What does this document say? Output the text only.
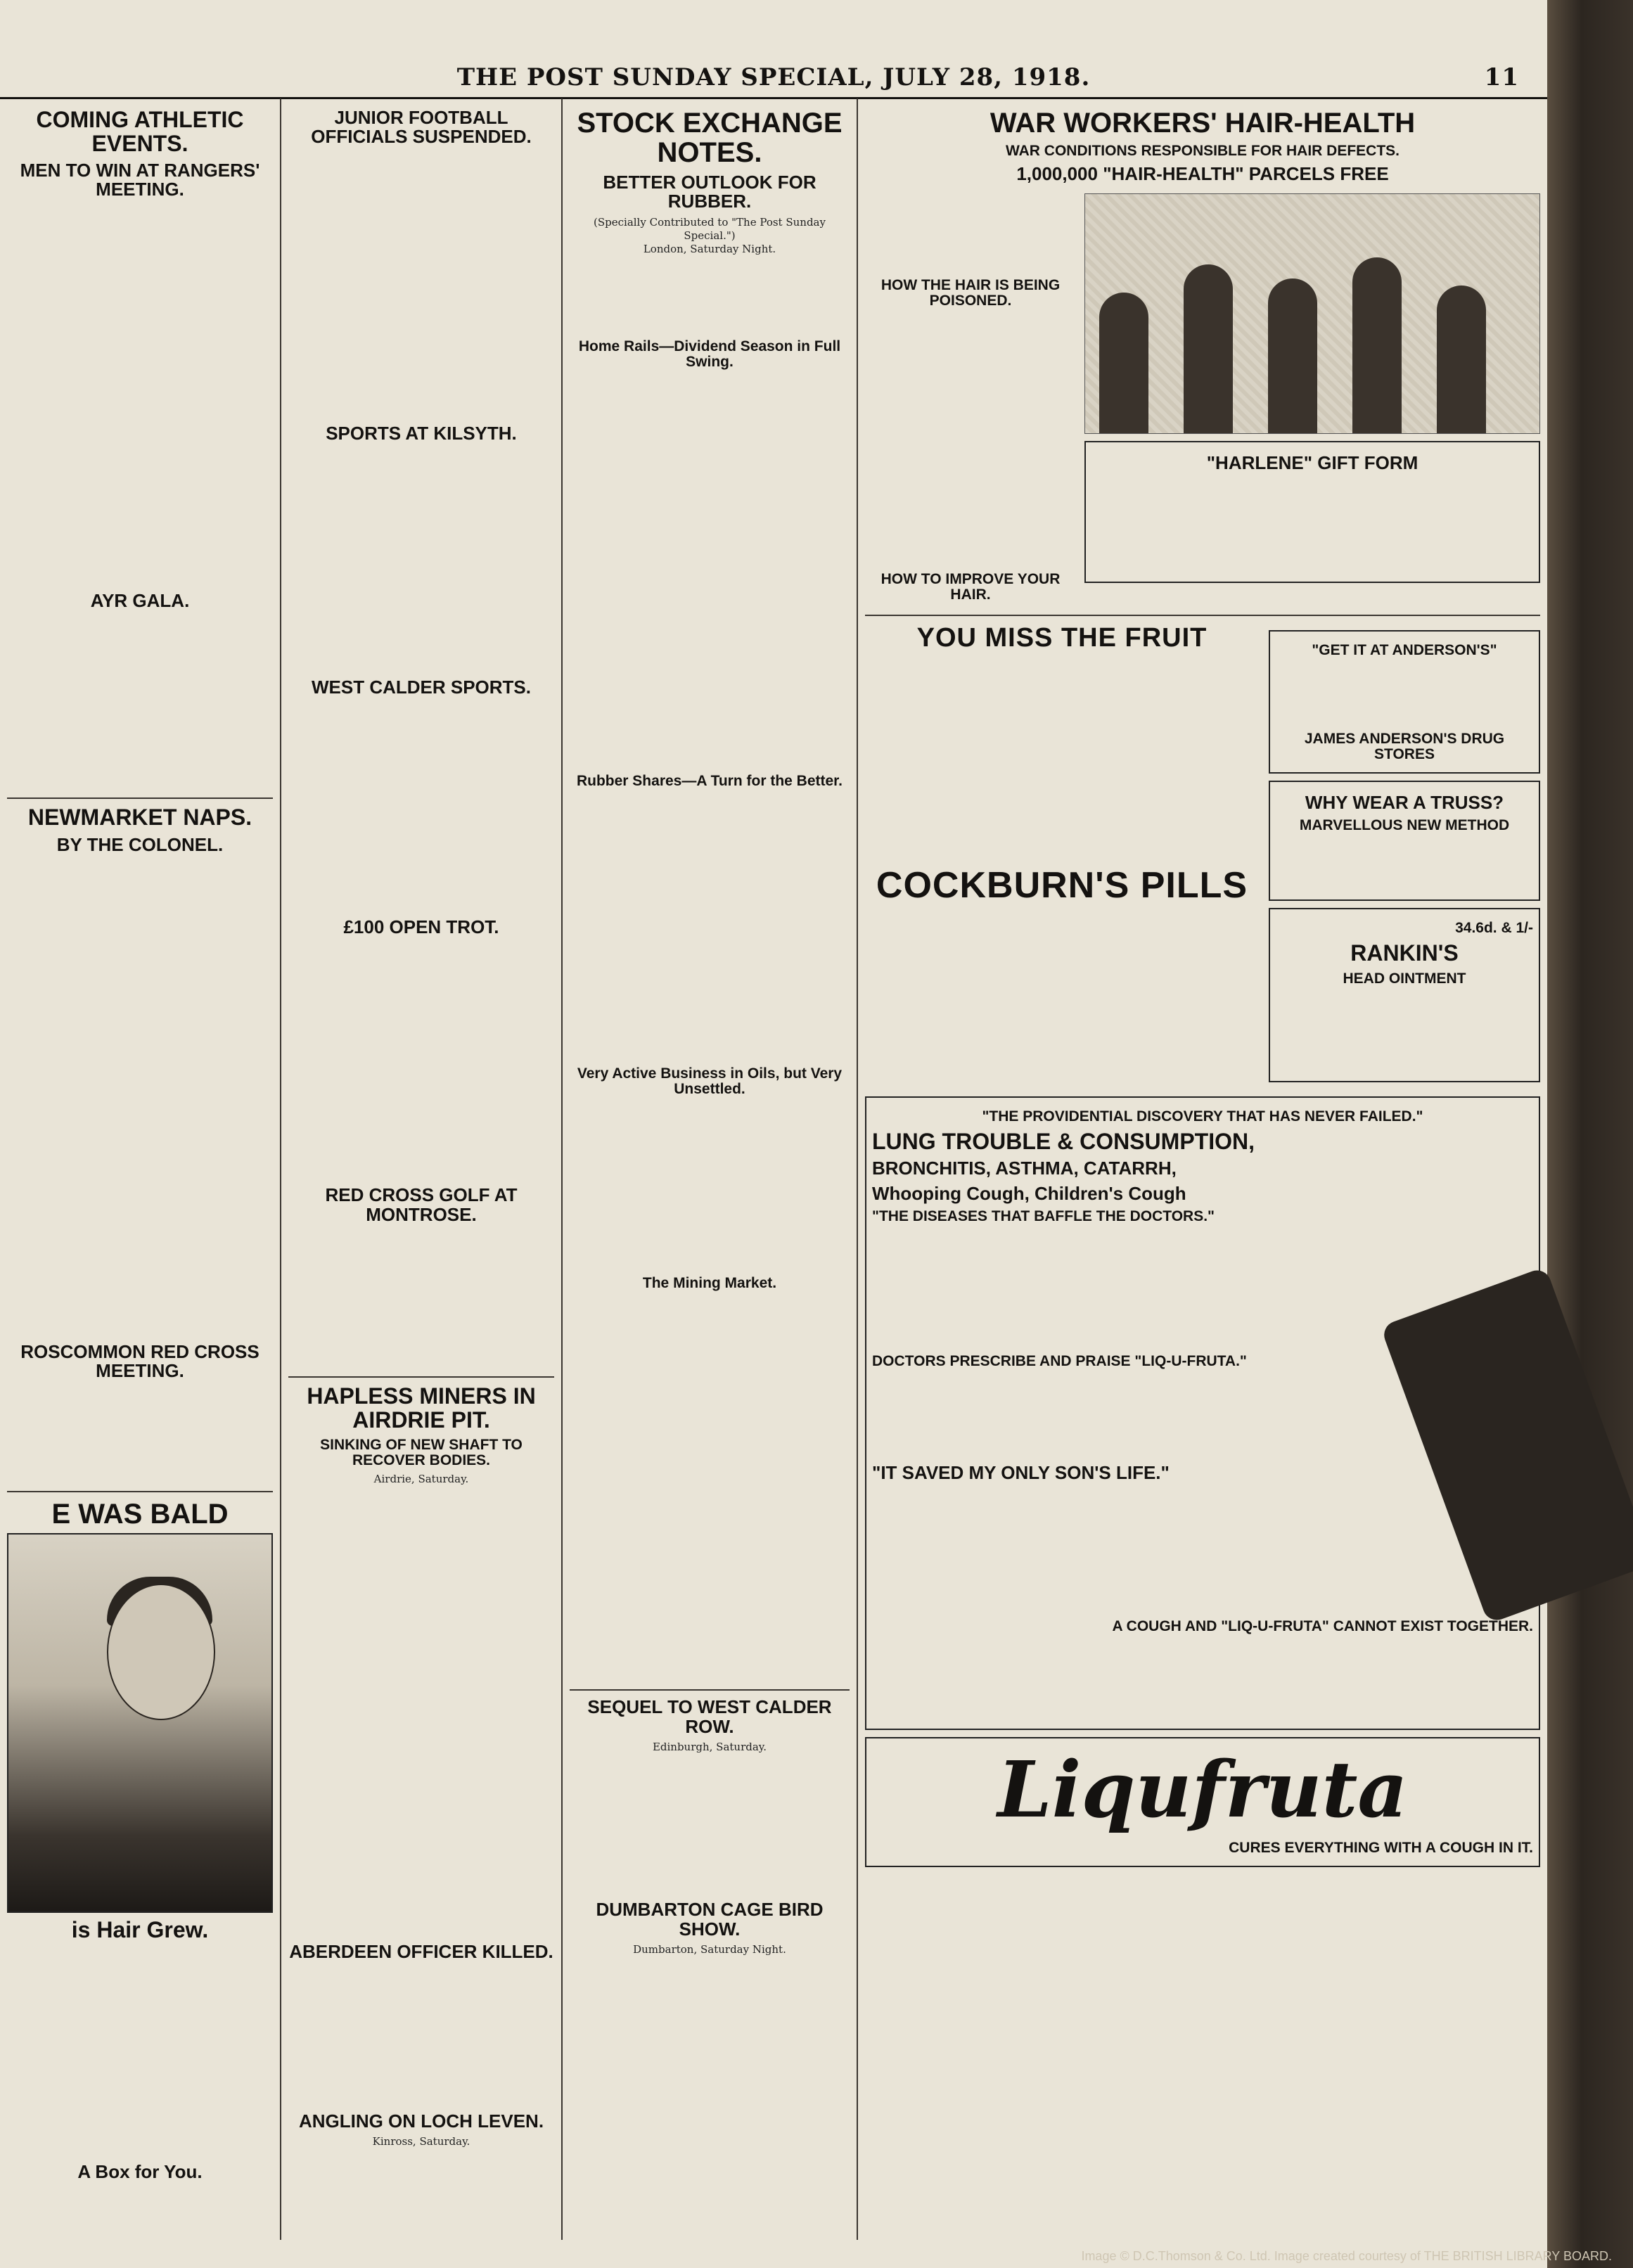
THE POST SUNDAY SPECIAL, JULY 28, 1918.	11
COMING ATHLETIC EVENTS.
MEN TO WIN AT RANGERS' MEETING.

AYR GALA.
NEWMARKET NAPS.
BY THE COLONEL.
ROSCOMMON RED CROSS MEETING.
E WAS BALD
is Hair Grew.
A Box for You.
JUNIOR FOOTBALL OFFICIALS SUSPENDED.
SPORTS AT KILSYTH.
WEST CALDER SPORTS.
£100 OPEN TROT.
RED CROSS GOLF AT MONTROSE.
HAPLESS MINERS IN AIRDRIE PIT.
SINKING OF NEW SHAFT TO RECOVER BODIES.
Airdrie, Saturday.
ABERDEEN OFFICER KILLED.
ANGLING ON LOCH LEVEN.
Kinross, Saturday.
STOCK EXCHANGE NOTES.
BETTER OUTLOOK FOR RUBBER.
(Specially Contributed to "The Post Sunday Special.")
London, Saturday Night.
Home Rails—Dividend Season in Full Swing.
Rubber Shares—A Turn for the Better.
Very Active Business in Oils, but Very Unsettled.
The Mining Market.
SEQUEL TO WEST CALDER ROW.
Edinburgh, Saturday.
DUMBARTON CAGE BIRD SHOW.
Dumbarton, Saturday Night.
WAR WORKERS' HAIR-HEALTH
WAR CONDITIONS RESPONSIBLE FOR HAIR DEFECTS.
1,000,000 "HAIR-HEALTH" PARCELS FREE
HOW THE HAIR IS BEING POISONED.
HOW TO IMPROVE YOUR HAIR.
"HARLENE" GIFT FORM
YOU MISS THE FRUIT
COCKBURN'S PILLS
"GET IT AT ANDERSON'S"
JAMES ANDERSON'S DRUG STORES
WHY WEAR A TRUSS?
MARVELLOUS NEW METHOD
34.6d. & 1/-
RANKIN'S
HEAD OINTMENT
"THE PROVIDENTIAL DISCOVERY THAT HAS NEVER FAILED."
LUNG TROUBLE & CONSUMPTION,
BRONCHITIS, ASTHMA, CATARRH,
Whooping Cough, Children's Cough
"THE DISEASES THAT BAFFLE THE DOCTORS."
DOCTORS PRESCRIBE AND PRAISE "LIQ-U-FRUTA."
"IT SAVED MY ONLY SON'S LIFE."
A COUGH AND "LIQ-U-FRUTA" CANNOT EXIST TOGETHER.
Liqufruta
CURES EVERYTHING WITH A COUGH IN IT.
Image © D.C.Thomson & Co. Ltd. Image created courtesy of THE BRITISH LIBRARY BOARD.
